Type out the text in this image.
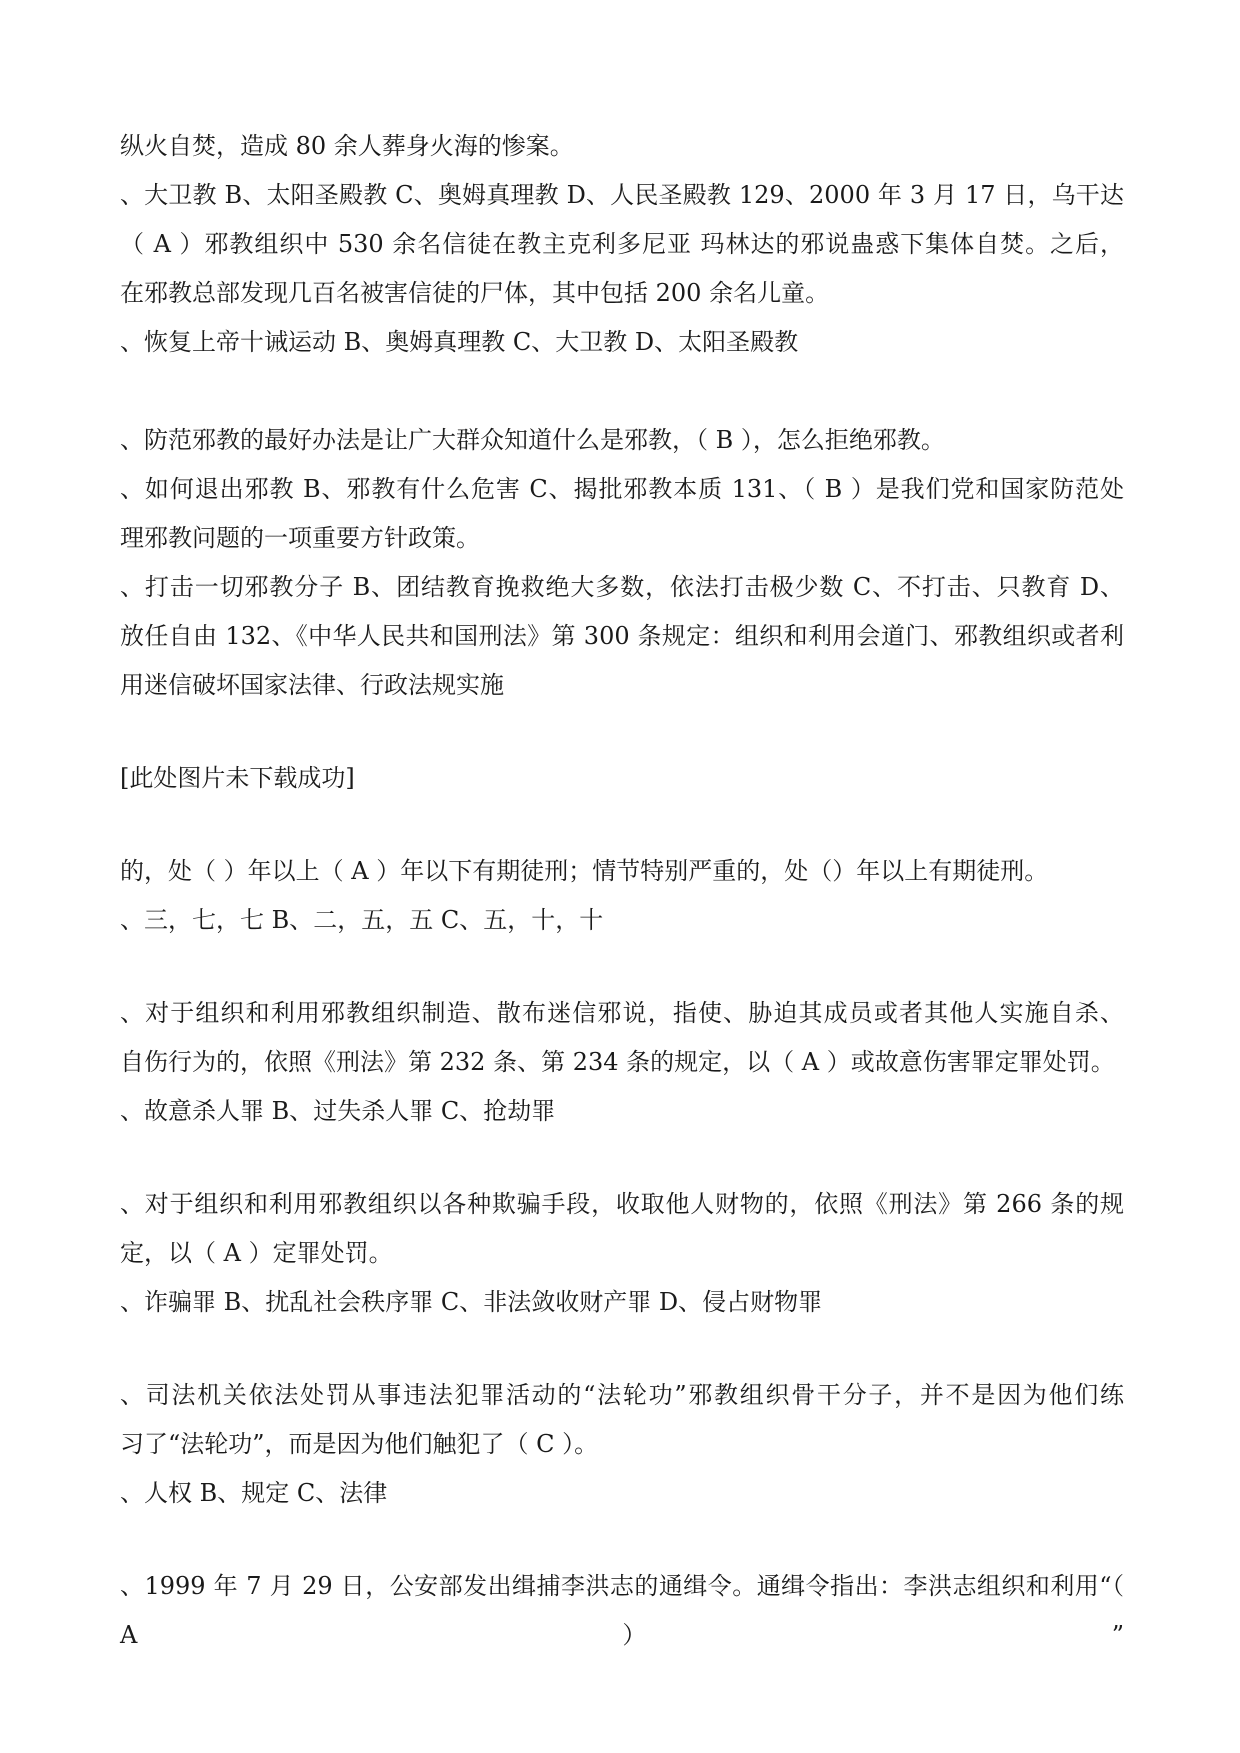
纵火自焚，造成 80 余人葬身火海的惨案。
、大卫教 B、太阳圣殿教 C、奥姆真理教 D、人民圣殿教 129、2000 年 3 月 17 日，乌干达
（ A ）邪教组织中 530 余名信徒在教主克利多尼亚 玛林达的邪说蛊惑下集体自焚。之后，
在邪教总部发现几百名被害信徒的尸体，其中包括 200 余名儿童。
、恢复上帝十诫运动 B、奥姆真理教 C、大卫教 D、太阳圣殿教
、防范邪教的最好办法是让广大群众知道什么是邪教，（ B ），怎么拒绝邪教。
、如何退出邪教 B、邪教有什么危害 C、揭批邪教本质 131、（ B ）是我们党和国家防范处
理邪教问题的一项重要方针政策。
、打击一切邪教分子 B、团结教育挽救绝大多数，依法打击极少数 C、不打击、只教育 D、
放任自由 132、《中华人民共和国刑法》第 300 条规定：组织和利用会道门、邪教组织或者利
用迷信破坏国家法律、行政法规实施
[此处图片未下载成功]
的，处（ ）年以上（ A ）年以下有期徒刑；情节特别严重的，处（）年以上有期徒刑。
、三，七，七 B、二，五，五 C、五，十，十
、对于组织和利用邪教组织制造、散布迷信邪说，指使、胁迫其成员或者其他人实施自杀、
自伤行为的，依照《刑法》第 232 条、第 234 条的规定，以（ A ）或故意伤害罪定罪处罚。
、故意杀人罪 B、过失杀人罪 C、抢劫罪
、对于组织和利用邪教组织以各种欺骗手段，收取他人财物的，依照《刑法》第 266 条的规
定，以（ A ）定罪处罚。
、诈骗罪 B、扰乱社会秩序罪 C、非法敛收财产罪 D、侵占财物罪
、司法机关依法处罚从事违法犯罪活动的“法轮功”邪教组织骨干分子，并不是因为他们练
习了“法轮功”，而是因为他们触犯了（ C ）。
、人权 B、规定 C、法律
、1999 年 7 月 29 日，公安部发出缉捕李洪志的通缉令。通缉令指出：李洪志组织和利用“（ A ）”
